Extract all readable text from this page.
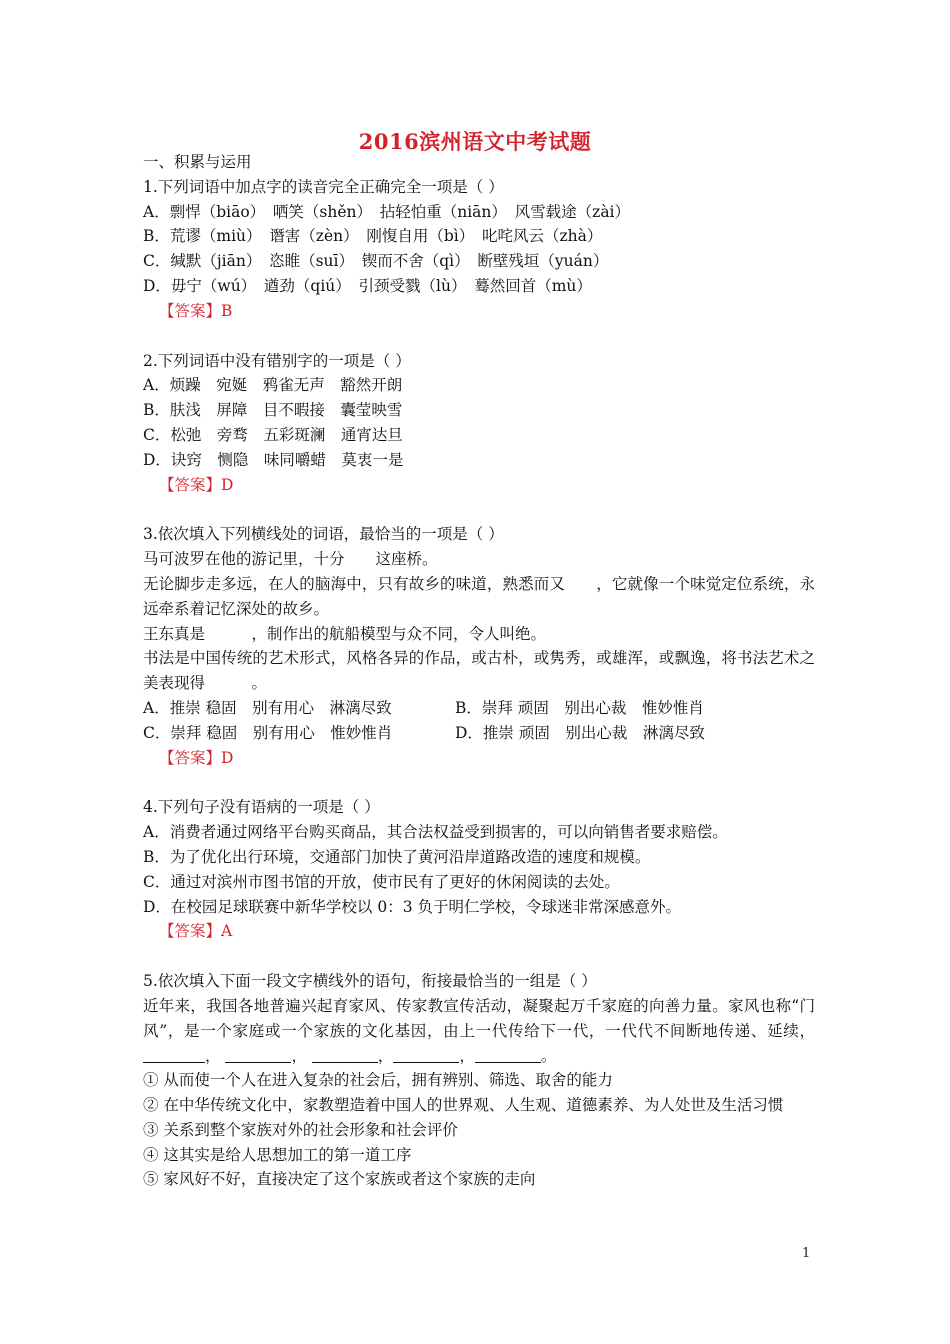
2016滨州语文中考试题
一、积累与运用
1.下列词语中加点字的读音完全正确完全一项是（ ）
A．剽悍（biāo）　哂笑（shěn）　拈轻怕重（niān）　风雪载途（zài）
B．荒谬（miù）　谮害（zèn）　刚愎自用（bì）　叱咤风云（zhà）
C．缄默（jiān）　恣睢（suī）　锲而不舍（qì）　断壁残垣（yuán）
D．毋宁（wú）　遒劲（qiú）　引颈受戮（lù）　蓦然回首（mù）
【答案】B
2.下列词语中没有错别字的一项是（ ）
A．烦躁　宛娫　鸦雀无声　豁然开朗
B．肤浅　屏障　目不暇接　囊莹映雪
C．松弛　旁骛　五彩斑澜　通宵达旦
D．诀窍　恻隐　味同嚼蜡　莫衷一是
【答案】D
3.依次填入下列横线处的词语，最恰当的一项是（ ）
马可波罗在他的游记里，十分　　这座桥。
无论脚步走多远，在人的脑海中，只有故乡的味道，熟悉而又　　，它就像一个味觉定位系统，永远牵系着记忆深处的故乡。
王东真是　　　，制作出的航船模型与众不同，令人叫绝。
书法是中国传统的艺术形式，风格各异的作品，或古朴，或隽秀，或雄浑，或飘逸，将书法艺术之美表现得　　　。
A．推崇 稳固　别有用心　淋漓尽致	B．崇拜 顽固　别出心裁　惟妙惟肖
C．崇拜 稳固　别有用心　惟妙惟肖	D．推崇 顽固　别出心裁　淋漓尽致
【答案】D
4.下列句子没有语病的一项是（ ）
A．消费者通过网络平台购买商品，其合法权益受到损害的，可以向销售者要求赔偿。
B．为了优化出行环境，交通部门加快了黄河沿岸道路改造的速度和规模。
C．通过对滨州市图书馆的开放，使市民有了更好的休闲阅读的去处。
D．在校园足球联赛中新华学校以 0：3 负于明仁学校，令球迷非常深感意外。
【答案】A
5.依次填入下面一段文字横线外的语句，衔接最恰当的一组是（ ）
近年来，我国各地普遍兴起育家风、传家教宣传活动，凝聚起万千家庭的向善力量。家风也称“门风”，是一个家庭或一个家族的文化基因，由上一代传给下一代，一代代不间断地传递、延续，，	，	，	，	。
① 从而使一个人在进入复杂的社会后，拥有辨别、筛选、取舍的能力
② 在中华传统文化中，家教塑造着中国人的世界观、人生观、道德素养、为人处世及生活习惯
③ 关系到整个家族对外的社会形象和社会评价
④ 这其实是给人思想加工的第一道工序
⑤ 家风好不好，直接决定了这个家族或者这个家族的走向
1
